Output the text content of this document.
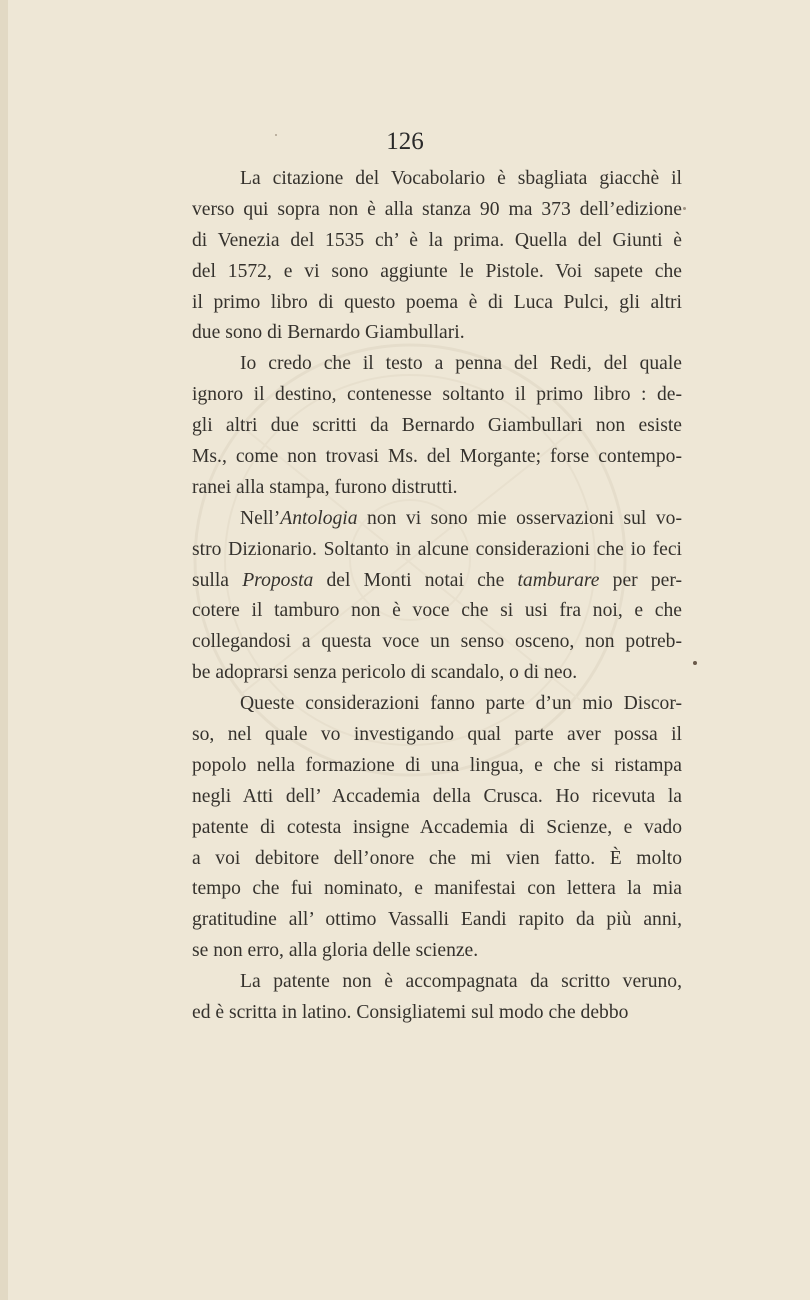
126

La citazione del Vocabolario è sbagliata giacchè il
verso qui sopra non è alla stanza 90 ma 373 dell’edizione
di Venezia del 1535 ch’ è la prima. Quella del Giunti è
del 1572, e vi sono aggiunte le Pistole. Voi sapete che
il primo libro di questo poema è di Luca Pulci, gli altri
due sono di Bernardo Giambullari.

Io credo che il testo a penna del Redi, del quale
ignoro il destino, contenesse soltanto il primo libro : de-
gli altri due scritti da Bernardo Giambullari non esiste
Ms., come non trovasi Ms. del Morgante; forse contempo-
ranei alla stampa, furono distrutti.

Nell’Antologia non vi sono mie osservazioni sul vo-
stro Dizionario. Soltanto in alcune considerazioni che io feci
sulla Proposta del Monti notai che tamburare per per-
cotere il tamburo non è voce che si usi fra noi, e che
collegandosi a questa voce un senso osceno, non potreb-
be adoprarsi senza pericolo di scandalo, o di neo.

Queste considerazioni fanno parte d’un mio Discor-
so, nel quale vo investigando qual parte aver possa il
popolo nella formazione di una lingua, e che si ristampa
negli Atti dell’ Accademia della Crusca. Ho ricevuta la
patente di cotesta insigne Accademia di Scienze, e vado
a voi debitore dell’onore che mi vien fatto. È molto
tempo che fui nominato, e manifestai con lettera la mia
gratitudine all’ ottimo Vassalli Eandi rapito da più anni,
se non erro, alla gloria delle scienze.

La patente non è accompagnata da scritto veruno,
ed è scritta in latino. Consigliatemi sul modo che debbo
